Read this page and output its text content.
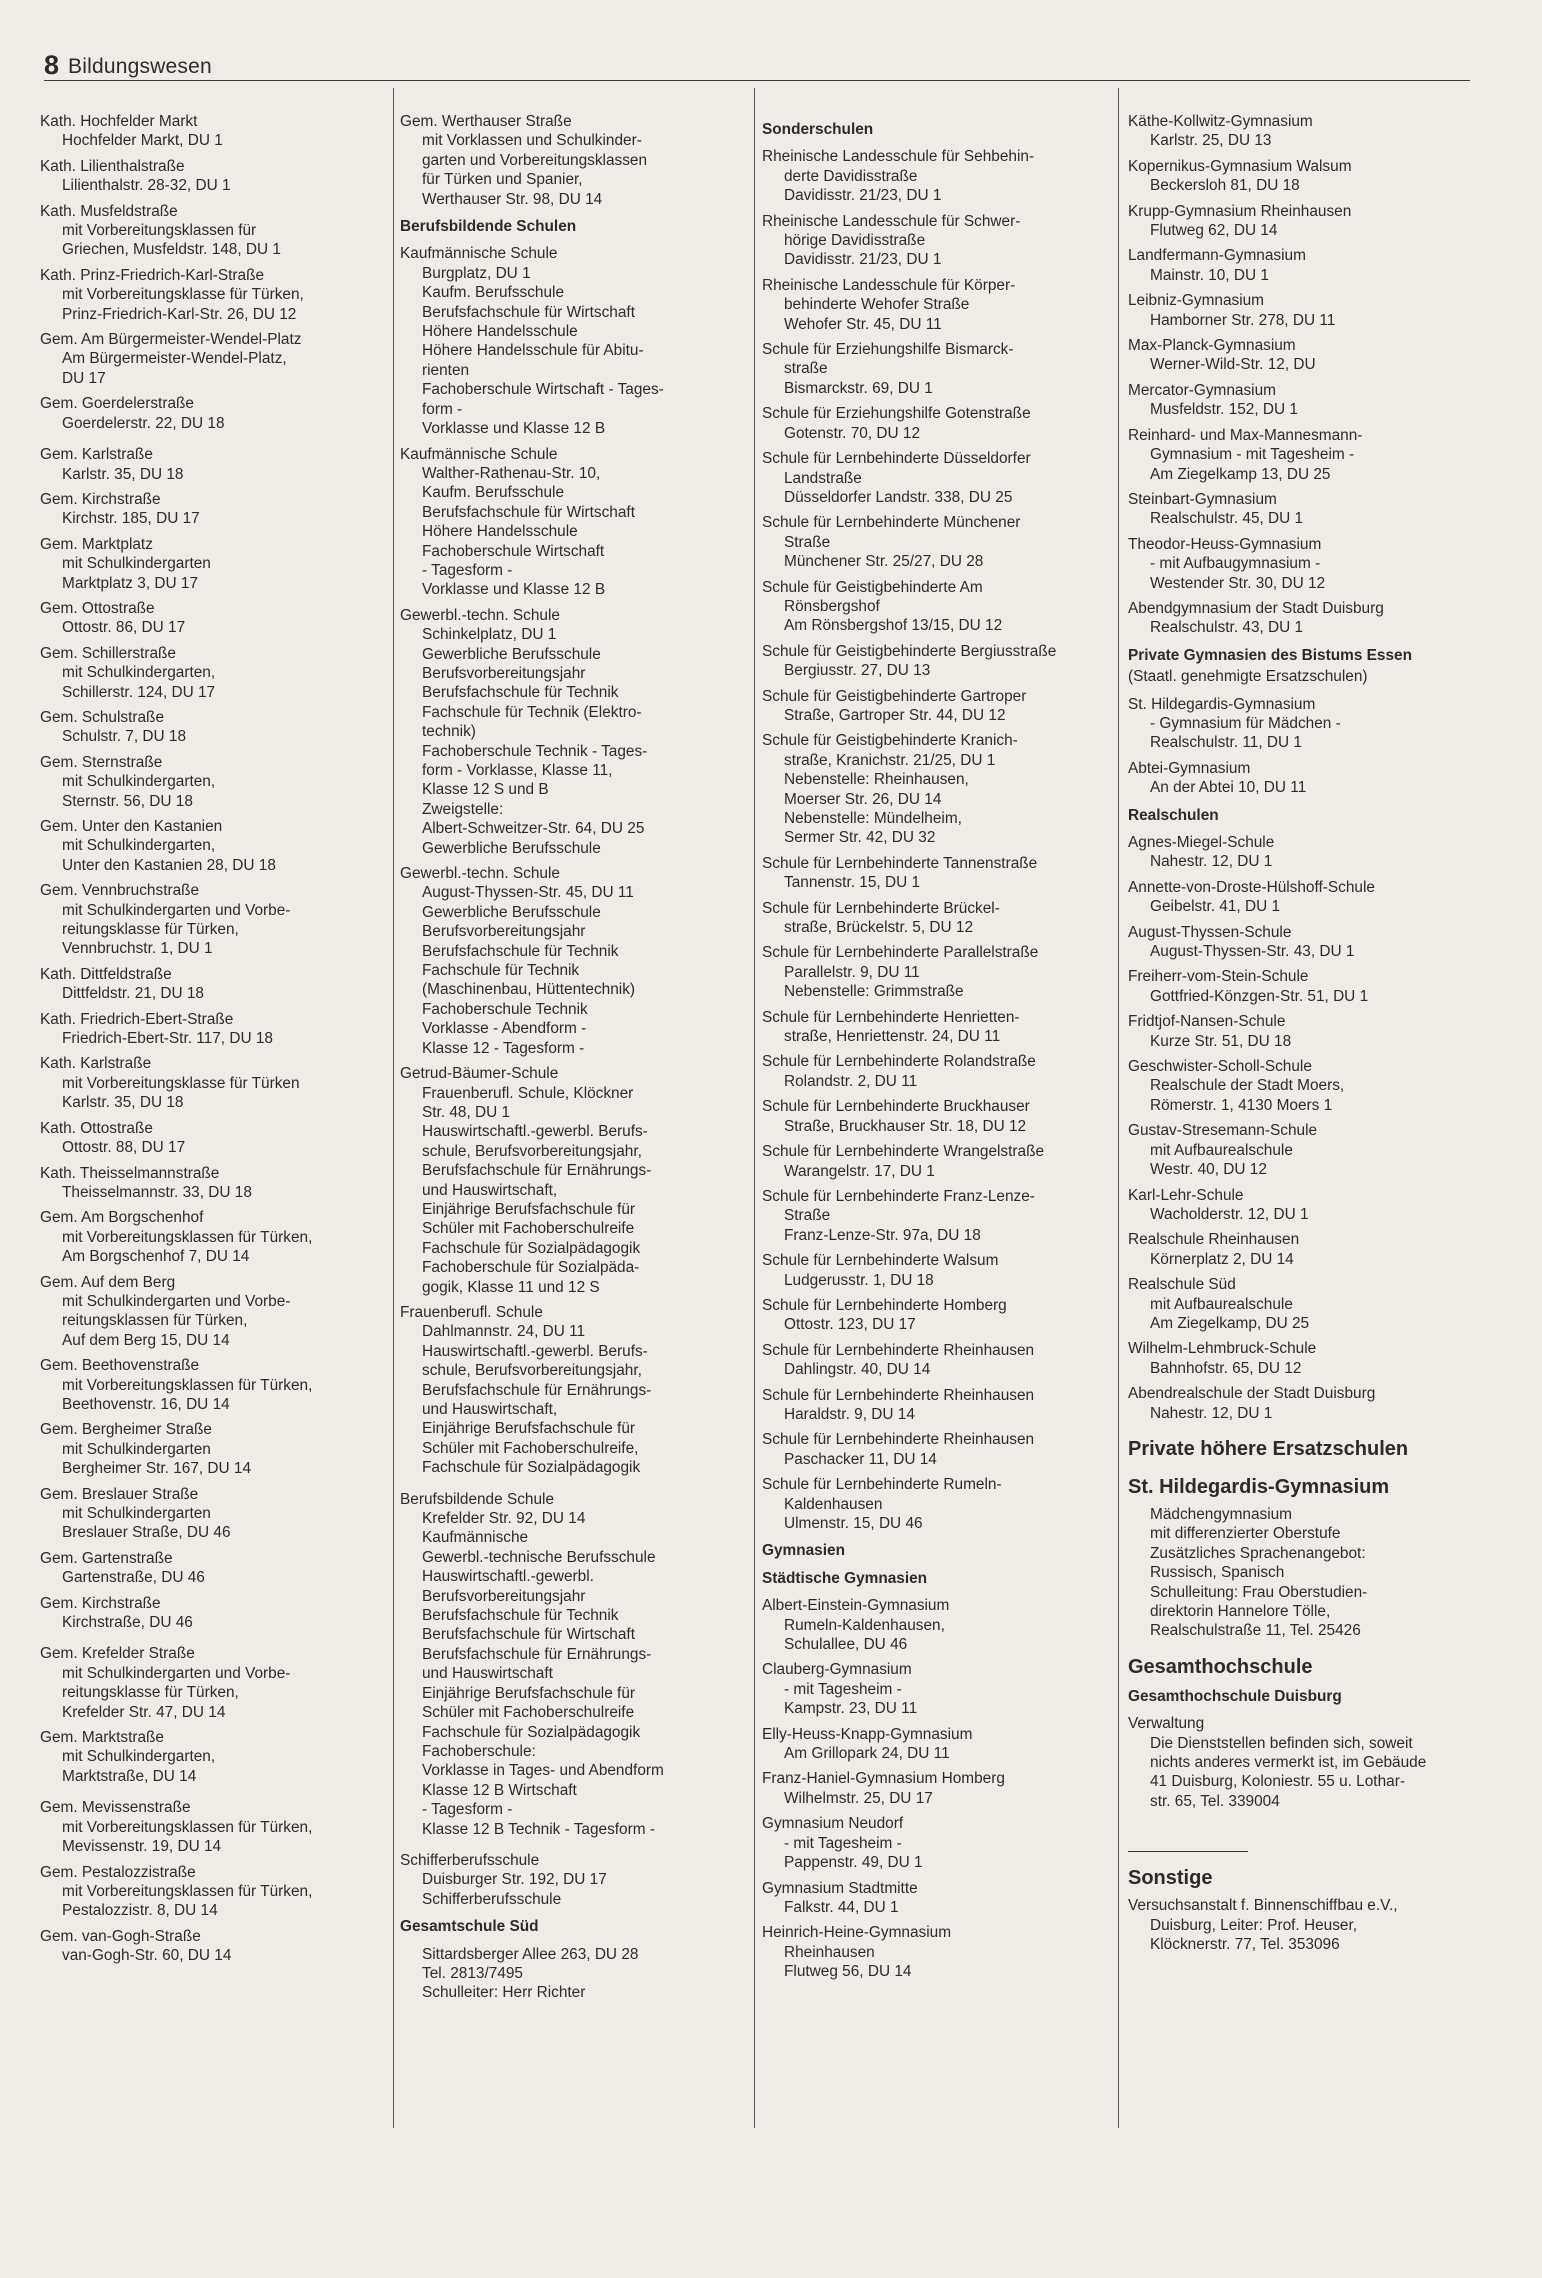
8 Bildungswesen
Kath. Hochfelder Markt
Hochfelder Markt, DU 1
Kath. Lilienthalstraße
Lilienthalstr. 28-32, DU 1
Kath. Musfeldstraße
mit Vorbereitungsklassen für
Griechen, Musfeldstr. 148, DU 1
Kath. Prinz-Friedrich-Karl-Straße
mit Vorbereitungsklasse für Türken,
Prinz-Friedrich-Karl-Str. 26, DU 12
Gem. Am Bürgermeister-Wendel-Platz
Am Bürgermeister-Wendel-Platz,
DU 17
Gem. Goerdelerstraße
Goerdelerstr. 22, DU 18
Gem. Karlstraße
Karlstr. 35, DU 18
Gem. Kirchstraße
Kirchstr. 185, DU 17
Gem. Marktplatz
mit Schulkindergarten
Marktplatz 3, DU 17
Gem. Ottostraße
Ottostr. 86, DU 17
Gem. Schillerstraße
mit Schulkindergarten,
Schillerstr. 124, DU 17
Gem. Schulstraße
Schulstr. 7, DU 18
Gem. Sternstraße
mit Schulkindergarten,
Sternstr. 56, DU 18
Gem. Unter den Kastanien
mit Schulkindergarten,
Unter den Kastanien 28, DU 18
Gem. Vennbruchstraße
mit Schulkindergarten und Vorbe-
reitungsklasse für Türken,
Vennbruchstr. 1, DU 1
Kath. Dittfeldstraße
Dittfeldstr. 21, DU 18
Kath. Friedrich-Ebert-Straße
Friedrich-Ebert-Str. 117, DU 18
Kath. Karlstraße
mit Vorbereitungsklasse für Türken
Karlstr. 35, DU 18
Kath. Ottostraße
Ottostr. 88, DU 17
Kath. Theisselmannstraße
Theisselmannstr. 33, DU 18
Gem. Am Borgschenhof
mit Vorbereitungsklassen für Türken,
Am Borgschenhof 7, DU 14
Gem. Auf dem Berg
mit Schulkindergarten und Vorbe-
reitungsklassen für Türken,
Auf dem Berg 15, DU 14
Gem. Beethovenstraße
mit Vorbereitungsklassen für Türken,
Beethovenstr. 16, DU 14
Gem. Bergheimer Straße
mit Schulkindergarten
Bergheimer Str. 167, DU 14
Gem. Breslauer Straße
mit Schulkindergarten
Breslauer Straße, DU 46
Gem. Gartenstraße
Gartenstraße, DU 46
Gem. Kirchstraße
Kirchstraße, DU 46
Gem. Krefelder Straße
mit Schulkindergarten und Vorbe-
reitungsklasse für Türken,
Krefelder Str. 47, DU 14
Gem. Marktstraße
mit Schulkindergarten,
Marktstraße, DU 14
Gem. Mevissenstraße
mit Vorbereitungsklassen für Türken,
Mevissenstr. 19, DU 14
Gem. Pestalozzistraße
mit Vorbereitungsklassen für Türken,
Pestalozzistr. 8, DU 14
Gem. van-Gogh-Straße
van-Gogh-Str. 60, DU 14
Gem. Werthauser Straße
mit Vorklassen und Schulkinder-
garten und Vorbereitungsklassen
für Türken und Spanier,
Werthauser Str. 98, DU 14
Berufsbildende Schulen
Kaufmännische Schule
Burgplatz, DU 1
Kaufm. Berufsschule
Berufsfachschule für Wirtschaft
Höhere Handelsschule
Höhere Handelsschule für Abitu-
rienten
Fachoberschule Wirtschaft - Tages-
form -
Vorklasse und Klasse 12 B
Kaufmännische Schule
Walther-Rathenau-Str. 10,
Kaufm. Berufsschule
Berufsfachschule für Wirtschaft
Höhere Handelsschule
Fachoberschule Wirtschaft
- Tagesform -
Vorklasse und Klasse 12 B
Gewerbl.-techn. Schule
Schinkelplatz, DU 1
Gewerbliche Berufsschule
Berufsvorbereitungsjahr
Berufsfachschule für Technik
Fachschule für Technik (Elektro-
technik)
Fachoberschule Technik - Tages-
form - Vorklasse, Klasse 11,
Klasse 12 S und B
Zweigstelle:
Albert-Schweitzer-Str. 64, DU 25
Gewerbliche Berufsschule
Gewerbl.-techn. Schule
August-Thyssen-Str. 45, DU 11
Gewerbliche Berufsschule
Berufsvorbereitungsjahr
Berufsfachschule für Technik
Fachschule für Technik
(Maschinenbau, Hüttentechnik)
Fachoberschule Technik
Vorklasse - Abendform -
Klasse 12 - Tagesform -
Getrud-Bäumer-Schule
Frauenberufl. Schule, Klöckner
Str. 48, DU 1
Hauswirtschaftl.-gewerbl. Berufs-
schule, Berufsvorbereitungsjahr,
Berufsfachschule für Ernährungs-
und Hauswirtschaft,
Einjährige Berufsfachschule für
Schüler mit Fachoberschulreife
Fachschule für Sozialpädagogik
Fachoberschule für Sozialpäda-
gogik, Klasse 11 und 12 S
Frauenberufl. Schule
Dahlmannstr. 24, DU 11
Hauswirtschaftl.-gewerbl. Berufs-
schule, Berufsvorbereitungsjahr,
Berufsfachschule für Ernährungs-
und Hauswirtschaft,
Einjährige Berufsfachschule für
Schüler mit Fachoberschulreife,
Fachschule für Sozialpädagogik
Berufsbildende Schule
Krefelder Str. 92, DU 14
Kaufmännische
Gewerbl.-technische Berufsschule
Hauswirtschaftl.-gewerbl.
Berufsvorbereitungsjahr
Berufsfachschule für Technik
Berufsfachschule für Wirtschaft
Berufsfachschule für Ernährungs-
und Hauswirtschaft
Einjährige Berufsfachschule für
Schüler mit Fachoberschulreife
Fachschule für Sozialpädagogik
Fachoberschule:
Vorklasse in Tages- und Abendform
Klasse 12 B Wirtschaft
- Tagesform -
Klasse 12 B Technik - Tagesform -
Schifferberufsschule
Duisburger Str. 192, DU 17
Schifferberufsschule
Gesamtschule Süd
Sittardsberger Allee 263, DU 28
Tel. 2813/7495
Schulleiter: Herr Richter
Sonderschulen
Rheinische Landesschule für Sehbehin-
derte Davidisstraße
Davidisstr. 21/23, DU 1
Rheinische Landesschule für Schwer-
hörige Davidisstraße
Davidisstr. 21/23, DU 1
Rheinische Landesschule für Körper-
behinderte Wehofer Straße
Wehofer Str. 45, DU 11
Schule für Erziehungshilfe Bismarck-
straße
Bismarckstr. 69, DU 1
Schule für Erziehungshilfe Gotenstraße
Gotenstr. 70, DU 12
Schule für Lernbehinderte Düsseldorfer
Landstraße
Düsseldorfer Landstr. 338, DU 25
Schule für Lernbehinderte Münchener
Straße
Münchener Str. 25/27, DU 28
Schule für Geistigbehinderte Am
Rönsbergshof
Am Rönsbergshof 13/15, DU 12
Schule für Geistigbehinderte Bergiusstraße
Bergiusstr. 27, DU 13
Schule für Geistigbehinderte Gartroper
Straße, Gartroper Str. 44, DU 12
Schule für Geistigbehinderte Kranich-
straße, Kranichstr. 21/25, DU 1
Nebenstelle: Rheinhausen,
Moerser Str. 26, DU 14
Nebenstelle: Mündelheim,
Sermer Str. 42, DU 32
Schule für Lernbehinderte Tannenstraße
Tannenstr. 15, DU 1
Schule für Lernbehinderte Brückel-
straße, Brückelstr. 5, DU 12
Schule für Lernbehinderte Parallelstraße
Parallelstr. 9, DU 11
Nebenstelle: Grimmstraße
Schule für Lernbehinderte Henrietten-
straße, Henriettenstr. 24, DU 11
Schule für Lernbehinderte Rolandstraße
Rolandstr. 2, DU 11
Schule für Lernbehinderte Bruckhauser
Straße, Bruckhauser Str. 18, DU 12
Schule für Lernbehinderte Wrangelstraße
Warangelstr. 17, DU 1
Schule für Lernbehinderte Franz-Lenze-
Straße
Franz-Lenze-Str. 97a, DU 18
Schule für Lernbehinderte Walsum
Ludgerusstr. 1, DU 18
Schule für Lernbehinderte Homberg
Ottostr. 123, DU 17
Schule für Lernbehinderte Rheinhausen
Dahlingstr. 40, DU 14
Schule für Lernbehinderte Rheinhausen
Haraldstr. 9, DU 14
Schule für Lernbehinderte Rheinhausen
Paschacker 11, DU 14
Schule für Lernbehinderte Rumeln-
Kaldenhausen
Ulmenstr. 15, DU 46
Gymnasien
Städtische Gymnasien
Albert-Einstein-Gymnasium
Rumeln-Kaldenhausen,
Schulallee, DU 46
Clauberg-Gymnasium
- mit Tagesheim -
Kampstr. 23, DU 11
Elly-Heuss-Knapp-Gymnasium
Am Grillopark 24, DU 11
Franz-Haniel-Gymnasium Homberg
Wilhelmstr. 25, DU 17
Gymnasium Neudorf
- mit Tagesheim -
Pappenstr. 49, DU 1
Gymnasium Stadtmitte
Falkstr. 44, DU 1
Heinrich-Heine-Gymnasium
Rheinhausen
Flutweg 56, DU 14
Käthe-Kollwitz-Gymnasium
Karlstr. 25, DU 13
Kopernikus-Gymnasium Walsum
Beckersloh 81, DU 18
Krupp-Gymnasium Rheinhausen
Flutweg 62, DU 14
Landfermann-Gymnasium
Mainstr. 10, DU 1
Leibniz-Gymnasium
Hamborner Str. 278, DU 11
Max-Planck-Gymnasium
Werner-Wild-Str. 12, DU
Mercator-Gymnasium
Musfeldstr. 152, DU 1
Reinhard- und Max-Mannesmann-
Gymnasium - mit Tagesheim -
Am Ziegelkamp 13, DU 25
Steinbart-Gymnasium
Realschulstr. 45, DU 1
Theodor-Heuss-Gymnasium
- mit Aufbaugymnasium -
Westender Str. 30, DU 12
Abendgymnasium der Stadt Duisburg
Realschulstr. 43, DU 1
Private Gymnasien des Bistums Essen
(Staatl. genehmigte Ersatzschulen)
St. Hildegardis-Gymnasium
- Gymnasium für Mädchen -
Realschulstr. 11, DU 1
Abtei-Gymnasium
An der Abtei 10, DU 11
Realschulen
Agnes-Miegel-Schule
Nahestr. 12, DU 1
Annette-von-Droste-Hülshoff-Schule
Geibelstr. 41, DU 1
August-Thyssen-Schule
August-Thyssen-Str. 43, DU 1
Freiherr-vom-Stein-Schule
Gottfried-Könzgen-Str. 51, DU 1
Fridtjof-Nansen-Schule
Kurze Str. 51, DU 18
Geschwister-Scholl-Schule
Realschule der Stadt Moers,
Römerstr. 1, 4130 Moers 1
Gustav-Stresemann-Schule
mit Aufbaurealschule
Westr. 40, DU 12
Karl-Lehr-Schule
Wacholderstr. 12, DU 1
Realschule Rheinhausen
Körnerplatz 2, DU 14
Realschule Süd
mit Aufbaurealschule
Am Ziegelkamp, DU 25
Wilhelm-Lehmbruck-Schule
Bahnhofstr. 65, DU 12
Abendrealschule der Stadt Duisburg
Nahestr. 12, DU 1
Private höhere Ersatzschulen
St. Hildegardis-Gymnasium
Mädchengymnasium
mit differenzierter Oberstufe
Zusätzliches Sprachenangebot:
Russisch, Spanisch
Schulleitung: Frau Oberstudien-
direktorin Hannelore Tölle,
Realschulstraße 11, Tel. 25426
Gesamthochschule
Gesamthochschule Duisburg
Verwaltung
Die Dienststellen befinden sich, soweit
nichts anderes vermerkt ist, im Gebäude
41 Duisburg, Koloniestr. 55 u. Lothar-
str. 65, Tel. 339004
Sonstige
Versuchsanstalt f. Binnenschiffbau e.V.,
Duisburg, Leiter: Prof. Heuser,
Klöcknerstr. 77, Tel. 353096
